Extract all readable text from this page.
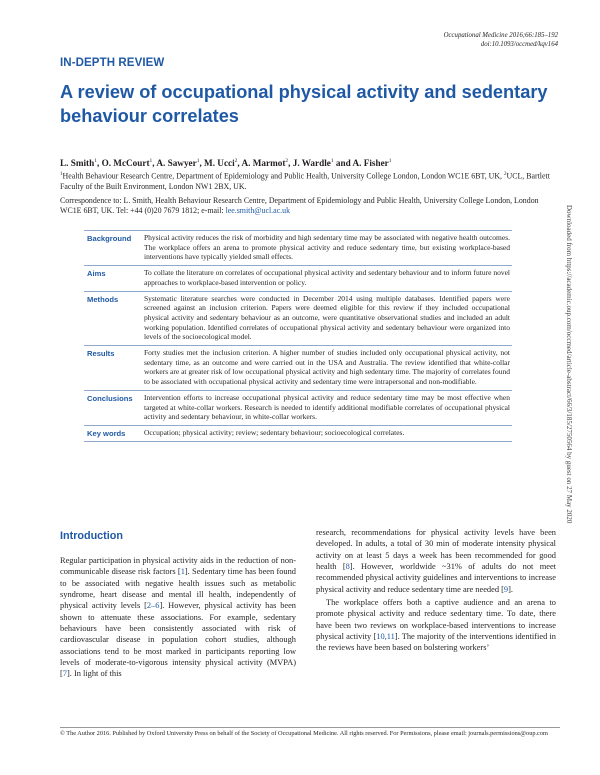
Occupational Medicine 2016;66:185–192
doi:10.1093/occmed/kqv164
IN-DEPTH REVIEW
A review of occupational physical activity and sedentary behaviour correlates
L. Smith$^1$, O. McCourt$^1$, A. Sawyer$^1$, M. Ucci$^2$, A. Marmot$^2$, J. Wardle$^1$ and A. Fisher$^1$
$^1$Health Behaviour Research Centre, Department of Epidemiology and Public Health, University College London, London WC1E 6BT, UK, $^2$UCL, Bartlett Faculty of the Built Environment, London NW1 2BX, UK.
Correspondence to: L. Smith, Health Behaviour Research Centre, Department of Epidemiology and Public Health, University College London, London WC1E 6BT, UK. Tel: +44 (0)20 7679 1812; e-mail: lee.smith@ucl.ac.uk
Background	Physical activity reduces the risk of morbidity and high sedentary time may be associated with negative health outcomes. The workplace offers an arena to promote physical activity and reduce sedentary time, but existing workplace-based interventions have typically yielded small effects.
Aims	To collate the literature on correlates of occupational physical activity and sedentary behaviour and to inform future novel approaches to workplace-based intervention or policy.
Methods	Systematic literature searches were conducted in December 2014 using multiple databases. Identified papers were screened against an inclusion criterion. Papers were deemed eligible for this review if they included occupational physical activity and sedentary behaviour as an outcome, were quantitative observational studies and included an adult working population. Identified correlates of occupational physical activity and sedentary behaviour were organized into levels of the socioecological model.
Results	Forty studies met the inclusion criterion. A higher number of studies included only occupational physical activity, not sedentary time, as an outcome and were carried out in the USA and Australia. The review identified that white-collar workers are at greater risk of low occupational physical activity and high sedentary time. The majority of correlates found to be associated with occupational physical activity and sedentary time were intrapersonal and non-modifiable.
Conclusions	Intervention efforts to increase occupational physical activity and reduce sedentary time may be most effective when targeted at white-collar workers. Research is needed to identify additional modifiable correlates of occupational physical activity and sedentary behaviour, in white-collar workers.
Key words	Occupation; physical activity; review; sedentary behaviour; socioecological correlates.	Downloaded from https://academic.oup.com/occmed/article-abstract/66/3/185/2750564 by guest on 27 May 2020
Introduction

Regular participation in physical activity aids in the reduction of non-communicable disease risk factors [1]. Sedentary time has been found to be associated with negative health issues such as metabolic syndrome, heart disease and mental ill health, independently of physical activity levels [2–6]. However, physical activity has been shown to attenuate these associations. For example, sedentary behaviours have been consistently associated with risk of cardiovascular disease in population cohort studies, although associations tend to be most marked in participants reporting low levels of moderate-to-vigorous intensity physical activity (MVPA) [7]. In light of this

research, recommendations for physical activity levels have been developed. In adults, a total of 30 min of moderate intensity physical activity on at least 5 days a week has been recommended for good health [8]. However, worldwide ~31% of adults do not meet recommended physical activity guidelines and interventions to increase physical activity and reduce sedentary time are needed [9].

The workplace offers both a captive audience and an arena to promote physical activity and reduce sedentary time. To date, there have been two reviews on workplace-based interventions to increase physical activity [10,11]. The majority of the interventions identified in the reviews have been based on bolstering workers’

© The Author 2016. Published by Oxford University Press on behalf of the Society of Occupational Medicine. All rights reserved. For Permissions, please email: journals.permissions@oup.com
